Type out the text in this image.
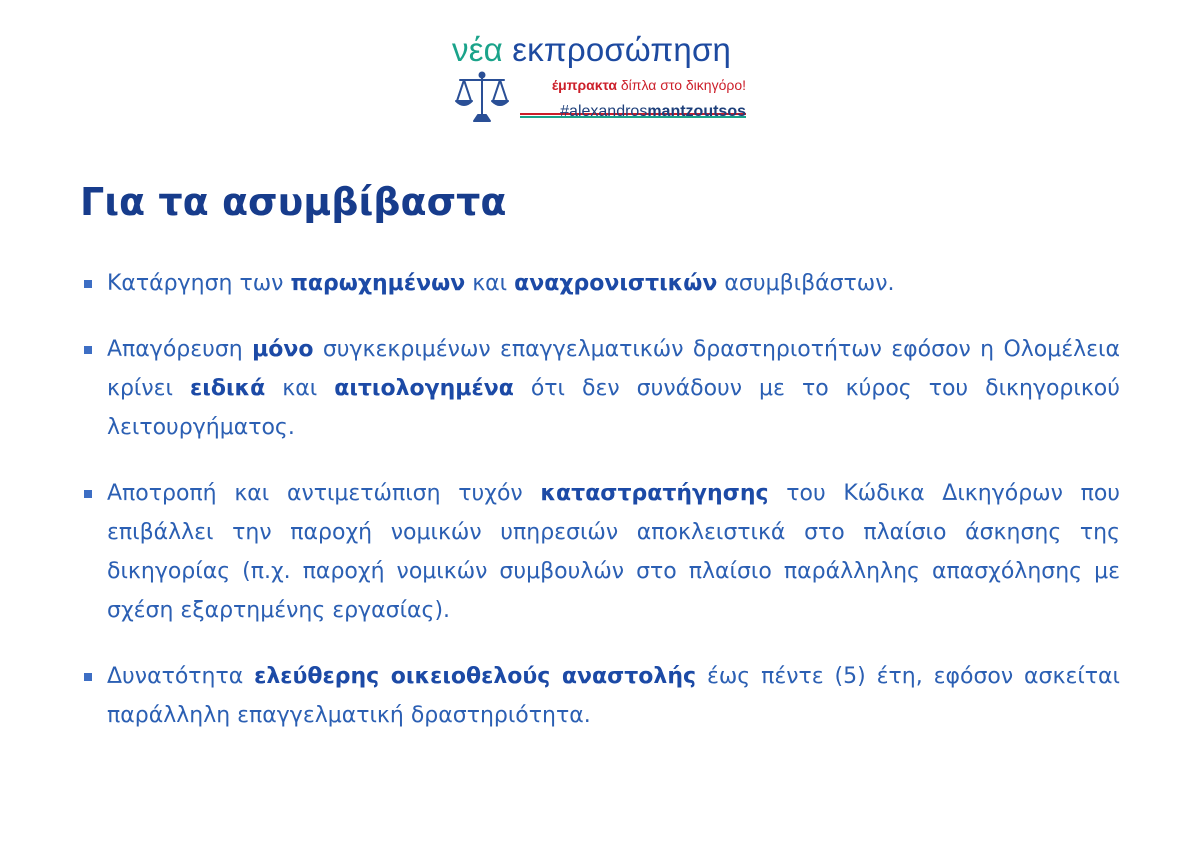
νέα εκπροσώπηση
έμπρακτα δίπλα στο δικηγόρο!
#alexandrosmantzoutsos
Για τα ασυμβίβαστα
Κατάργηση των παρωχημένων και αναχρονιστικών ασυμβιβάστων.
Απαγόρευση μόνο συγκεκριμένων επαγγελματικών δραστηριοτήτων εφόσον η Ολομέλεια κρίνει ειδικά και αιτιολογημένα ότι δεν συνάδουν με το κύρος του δικηγορικού λειτουργήματος.
Αποτροπή και αντιμετώπιση τυχόν καταστρατήγησης του Κώδικα Δικηγόρων που επιβάλλει την παροχή νομικών υπηρεσιών αποκλειστικά στο πλαίσιο άσκησης της δικηγορίας (π.χ. παροχή νομικών συμβουλών στο πλαίσιο παράλληλης απασχόλησης με σχέση εξαρτημένης εργασίας).
Δυνατότητα ελεύθερης οικειοθελούς αναστολής έως πέντε (5) έτη, εφόσον ασκείται παράλληλη επαγγελματική δραστηριότητα.
